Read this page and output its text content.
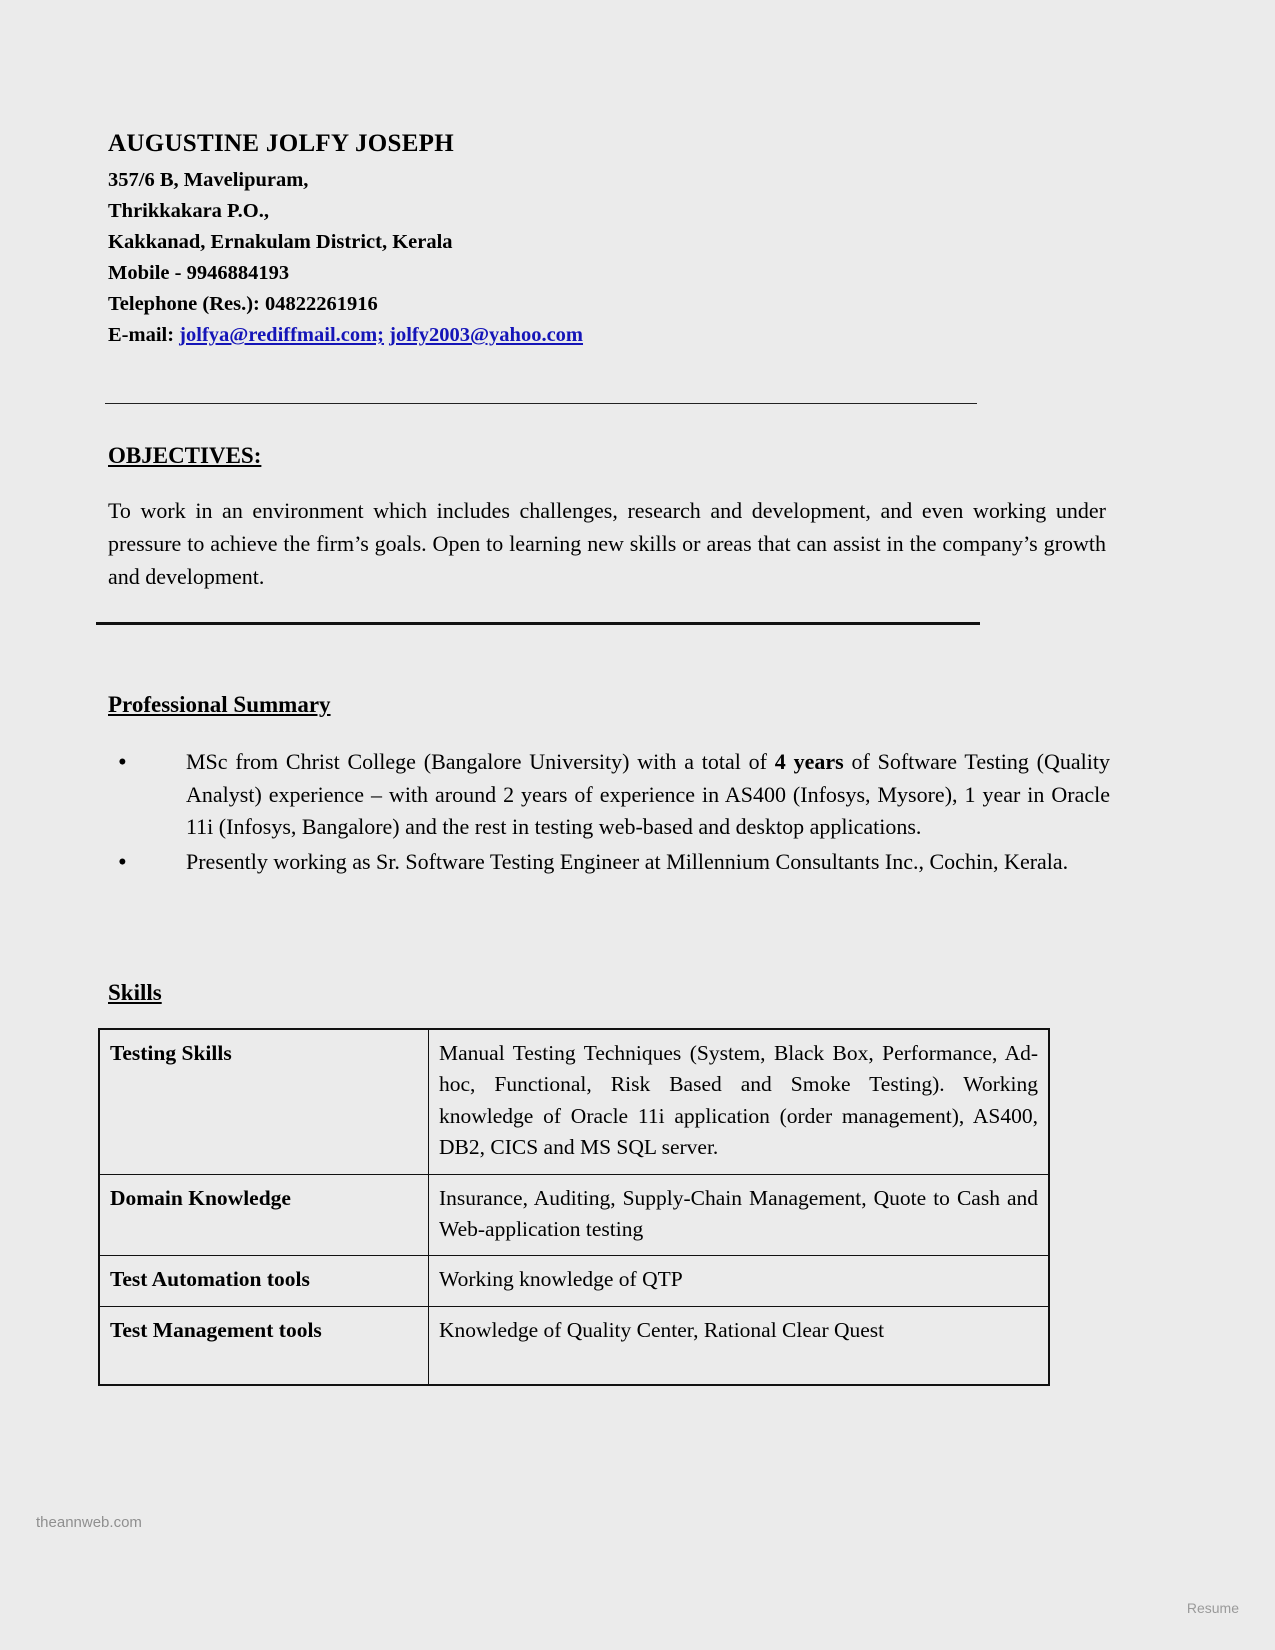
AUGUSTINE JOLFY JOSEPH
357/6 B, Mavelipuram,
Thrikkakara P.O.,
Kakkanad, Ernakulam District, Kerala
Mobile - 9946884193
Telephone (Res.): 04822261916
E-mail: jolfya@rediffmail.com; jolfy2003@yahoo.com
OBJECTIVES:
To work in an environment which includes challenges, research and development, and even working under pressure to achieve the firm’s goals. Open to learning new skills or areas that can assist in the company’s growth and development.
Professional Summary
• MSc from Christ College (Bangalore University) with a total of 4 years of Software Testing (Quality Analyst) experience – with around 2 years of experience in AS400 (Infosys, Mysore), 1 year in Oracle 11i (Infosys, Bangalore) and the rest in testing web-based and desktop applications.
• Presently working as Sr. Software Testing Engineer at Millennium Consultants Inc., Cochin, Kerala.
Skills
Testing Skills	Manual Testing Techniques (System, Black Box, Performance, Ad-hoc, Functional, Risk Based and Smoke Testing). Working knowledge of Oracle 11i application (order management), AS400, DB2, CICS and MS SQL server.
Domain Knowledge	Insurance, Auditing, Supply-Chain Management, Quote to Cash and Web-application testing
Test Automation tools	Working knowledge of QTP
Test Management tools	Knowledge of Quality Center, Rational Clear Quest
theannweb.com
Resume
